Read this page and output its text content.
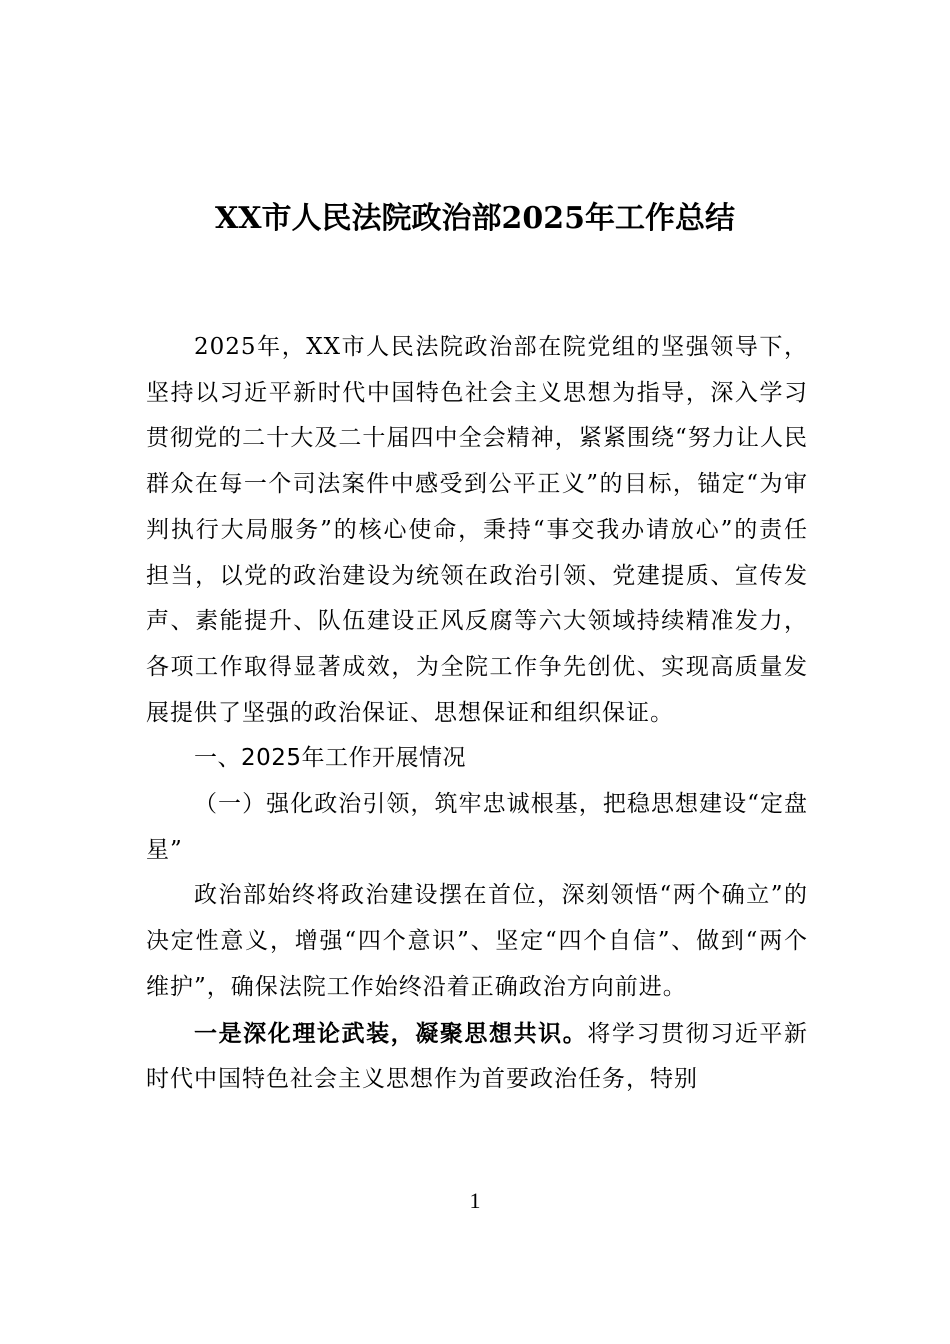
XX市人民法院政治部2025年工作总结

2025年，XX市人民法院政治部在院党组的坚强领导下，坚持以习近平新时代中国特色社会主义思想为指导，深入学习贯彻党的二十大及二十届四中全会精神，紧紧围绕“努力让人民群众在每一个司法案件中感受到公平正义”的目标，锚定“为审判执行大局服务”的核心使命，秉持“事交我办请放心”的责任担当，以党的政治建设为统领在政治引领、党建提质、宣传发声、素能提升、队伍建设正风反腐等六大领域持续精准发力，各项工作取得显著成效，为全院工作争先创优、实现高质量发展提供了坚强的政治保证、思想保证和组织保证。

一、2025年工作开展情况

（一）强化政治引领，筑牢忠诚根基，把稳思想建设“定盘星”

政治部始终将政治建设摆在首位，深刻领悟“两个确立”的决定性意义，增强“四个意识”、坚定“四个自信”、做到“两个维护”，确保法院工作始终沿着正确政治方向前进。

一是深化理论武装，凝聚思想共识。将学习贯彻习近平新时代中国特色社会主义思想作为首要政治任务，特别

1
